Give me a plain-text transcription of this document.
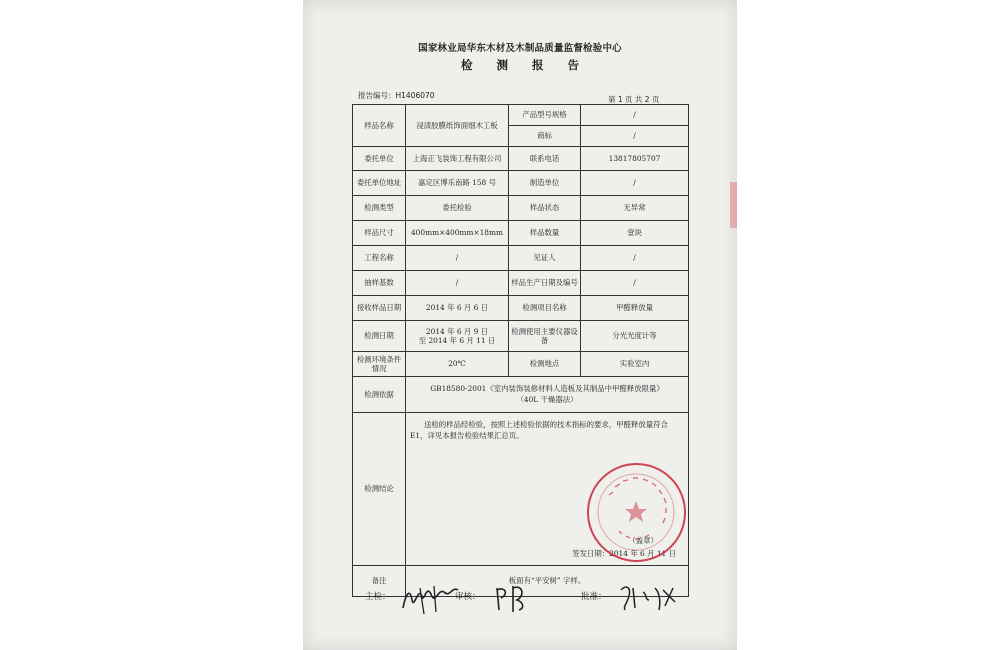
国家林业局华东木材及木制品质量监督检验中心
检 测 报 告
报告编号：H1406070	第 1 页 共 2 页
样品名称	浸渍胶膜纸饰面细木工板	产品型号规格	/
		商标	/
委托单位	上海正飞装饰工程有限公司	联系电话	13817805707
委托单位地址	嘉定区博乐南路 158 号	制造单位	/
检测类型	委托检验	样品状态	无异常
样品尺寸	400mm×400mm×18mm	样品数量	壹块
工程名称	/	见证人	/
抽样基数	/	样品生产日期及编号	/
接收样品日期	2014 年 6 月 6 日	检测项目名称	甲醛释放量
检测日期	2014 年 6 月 9 日
至 2014 年 6 月 11 日	检测使用主要仪器设备	分光光度计等
检测环境条件情况	20℃	检测地点	实验室内
检测依据	GB18580-2001《室内装饰装修材料人造板及其制品中甲醛释放限量》
（40L 干燥器法）		

检测结论	送检的样品经检验，按照上述检验依据的技术指标的要求，甲醛释放量符合 E1，详见本报告检验结果汇总页。
（盖章）
签发日期：2014 年 6 月 11 日		

备注	板面有“平安树” 字样。		
主检：	审核：	批准：
